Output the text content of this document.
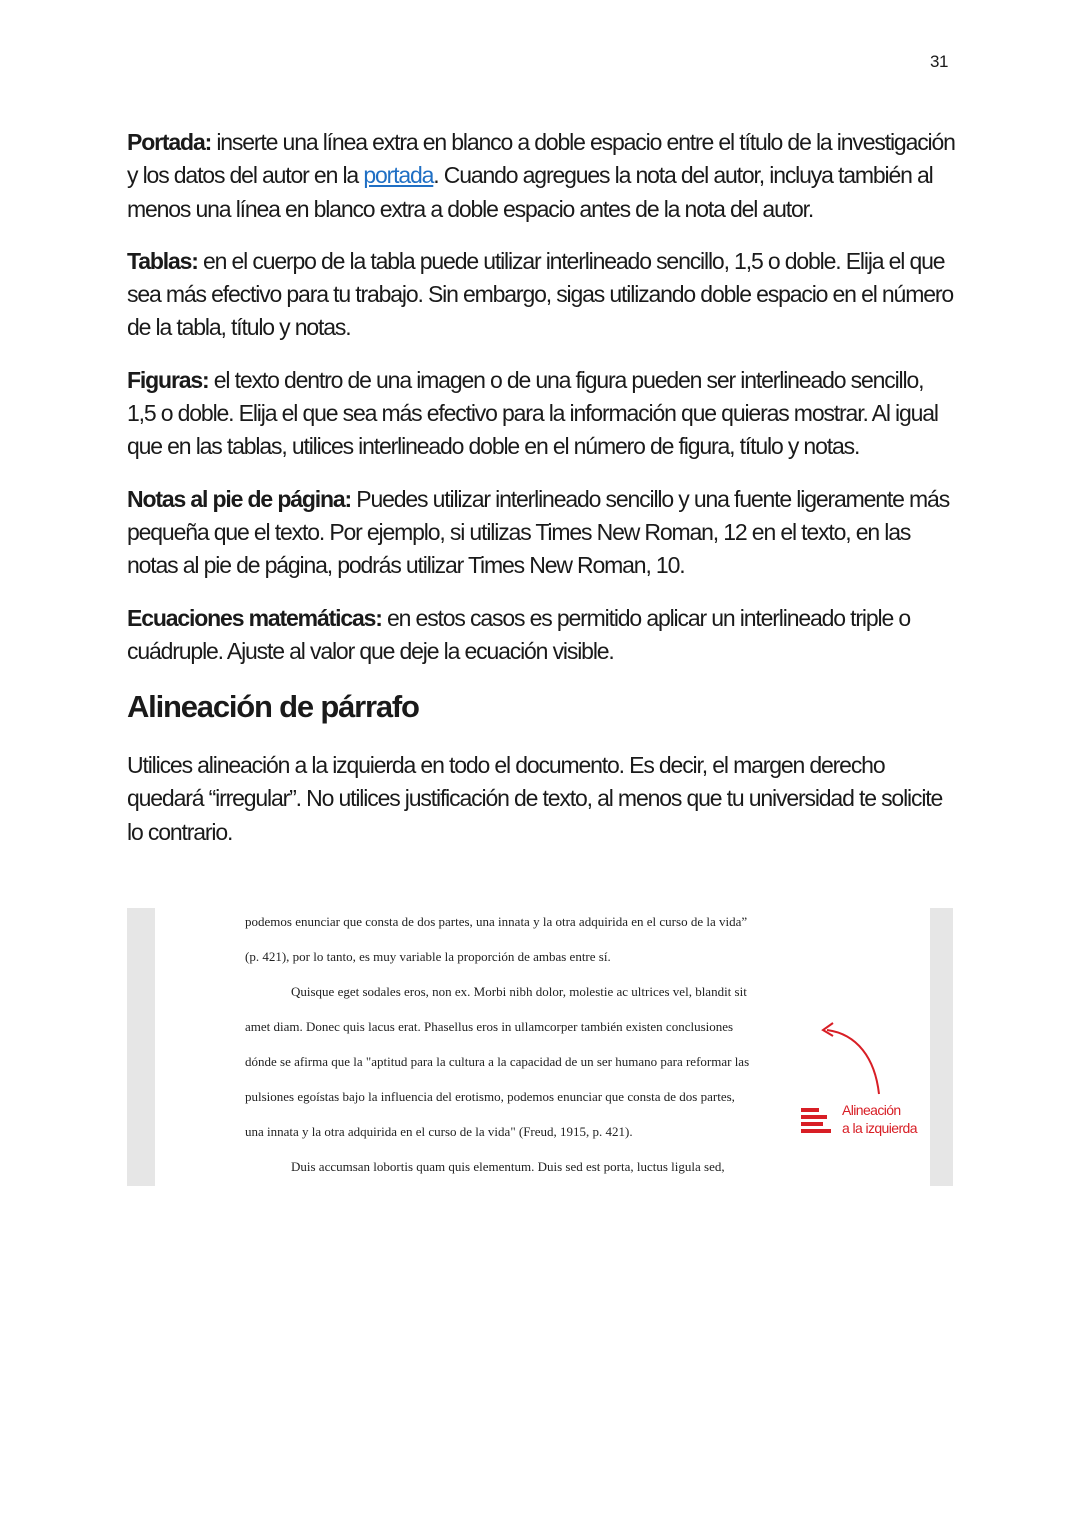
31

Portada: inserte una línea extra en blanco a doble espacio entre el título de la investigación y los datos del autor en la portada. Cuando agregues la nota del autor, incluya también al menos una línea en blanco extra a doble espacio antes de la nota del autor.

Tablas: en el cuerpo de la tabla puede utilizar interlineado sencillo, 1,5 o doble. Elija el que sea más efectivo para tu trabajo. Sin embargo, sigas utilizando doble espacio en el número de la tabla, título y notas.

Figuras: el texto dentro de una imagen o de una figura pueden ser interlineado sencillo, 1,5 o doble. Elija el que sea más efectivo para la información que quieras mostrar. Al igual que en las tablas, utilices interlineado doble en el número de figura, título y notas.

Notas al pie de página: Puedes utilizar interlineado sencillo y una fuente ligeramente más pequeña que el texto. Por ejemplo, si utilizas Times New Roman, 12 en el texto, en las notas al pie de página, podrás utilizar Times New Roman, 10.

Ecuaciones matemáticas: en estos casos es permitido aplicar un interlineado triple o cuádruple. Ajuste al valor que deje la ecuación visible.

Alineación de párrafo

Utilices alineación a la izquierda en todo el documento. Es decir, el margen derecho quedará “irregular”. No utilices justificación de texto, al menos que tu universidad te solicite lo contrario.

podemos enunciar que consta de dos partes, una innata y la otra adquirida en el curso de la vida”
(p. 421), por lo tanto, es muy variable la proporción de ambas entre sí.
Quisque eget sodales eros, non ex. Morbi nibh dolor, molestie ac ultrices vel, blandit sit
amet diam. Donec quis lacus erat. Phasellus eros in ullamcorper también existen conclusiones
dónde se afirma que la "aptitud para la cultura a la capacidad de un ser humano para reformar las
pulsiones egoístas bajo la influencia del erotismo, podemos enunciar que consta de dos partes,
una innata y la otra adquirida en el curso de la vida" (Freud, 1915, p. 421).
Duis accumsan lobortis quam quis elementum. Duis sed est porta, luctus ligula sed,
Alineación
a la izquierda
